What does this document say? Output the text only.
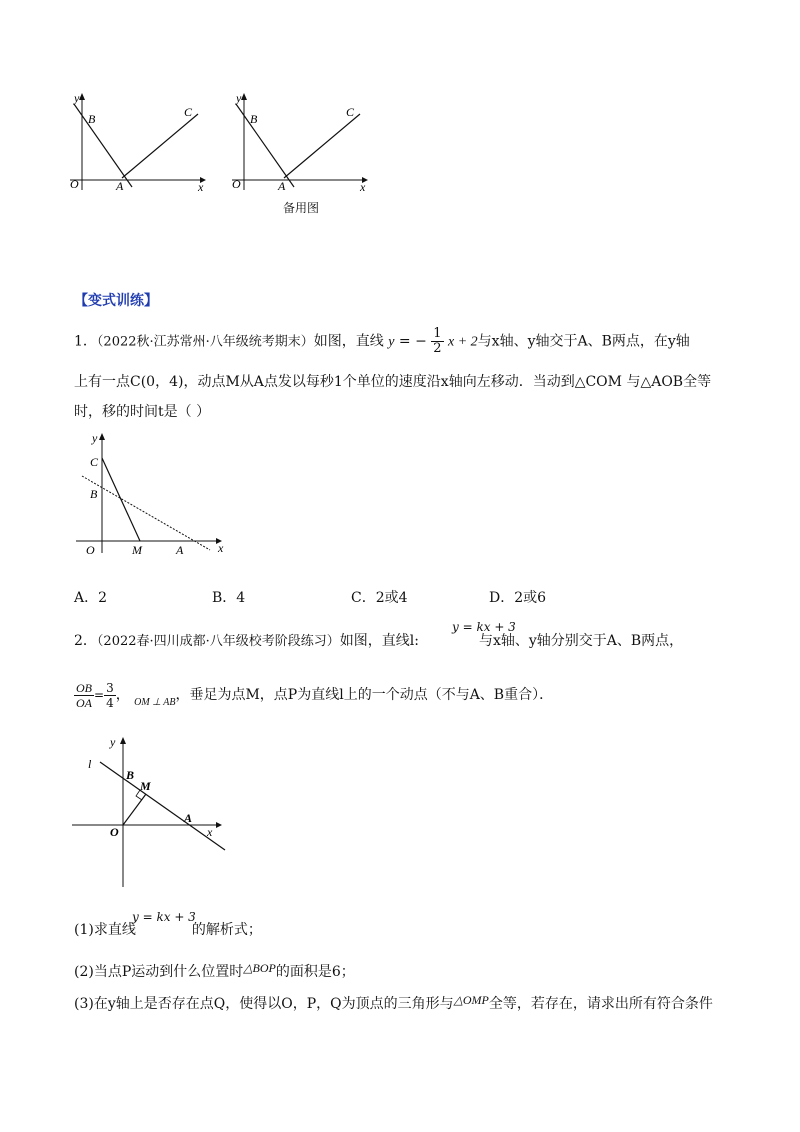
y
x
O	A
B	C
y
x
O	A
B	C
备用图
【变式训练】
1．（2022秋·江苏常州·八年级统考期末）如图，直线 y = − $\frac{1}{2}$ x + 2与x轴、y轴交于A、B两点，在y轴
上有一点C(0，4)，动点M从A点发以每秒1个单位的速度沿x轴向左移动．当动到△COM 与△AOB全等
时，移的时间t是（ ）
y
x
O
C
B
M	A
A．2	B．4	C．2或4	D．2或6
y = kx + 3
2．（2022春·四川成都·八年级校考阶段练习）如图，直线l:	与x轴、y轴分别交于A、B两点，
$\frac{OB}{OA} = \frac{3}{4}$ ， $_{OM \perp AB}$，垂足为点M，点P为直线l上的一个动点（不与A、B重合）．
y
x
O
B
M
A
l
y = kx + 3
(1)求直线	的解析式；
(2)当点P运动到什么位置时△BOP的面积是6；
(3)在y轴上是否存在点Q，使得以O，P，Q为顶点的三角形与△OMP全等，若存在，请求出所有符合条件
